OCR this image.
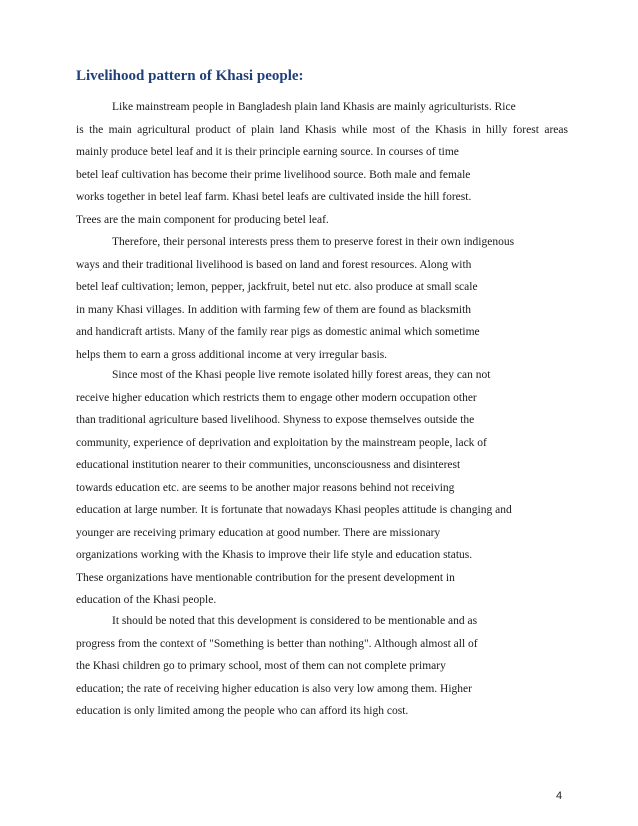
Livelihood pattern of Khasi people:
Like mainstream people in Bangladesh plain land Khasis are mainly agriculturists. Rice
is the main agricultural product of plain land Khasis while most of the Khasis in hilly forest areas
mainly produce betel leaf and it is their principle earning source. In courses of time
betel leaf cultivation has become their prime livelihood source. Both male and female
works together in betel leaf farm. Khasi betel leafs are cultivated inside the hill forest.
Trees are the main component for producing betel leaf.
Therefore, their personal interests press them to preserve forest in their own indigenous
ways and their traditional livelihood is based on land and forest resources. Along with
betel leaf cultivation; lemon, pepper, jackfruit, betel nut etc. also produce at small scale
in many Khasi villages. In addition with farming few of them are found as blacksmith
and handicraft artists. Many of the family rear pigs as domestic animal which sometime
helps them to earn a gross additional income at very irregular basis.
Since most of the Khasi people live remote isolated hilly forest areas, they can not
receive higher education which restricts them to engage other modern occupation other
than traditional agriculture based livelihood. Shyness to expose themselves outside the
community, experience of deprivation and exploitation by the mainstream people, lack of
educational institution nearer to their communities, unconsciousness and disinterest
towards education etc. are seems to be another major reasons behind not receiving
education at large number. It is fortunate that nowadays Khasi peoples attitude is changing and
younger are receiving primary education at good number. There are missionary
organizations working with the Khasis to improve their life style and education status.
These organizations have mentionable contribution for the present development in
education of the Khasi people.
It should be noted that this development is considered to be mentionable and as
progress from the context of "Something is better than nothing". Although almost all of
the Khasi children go to primary school, most of them can not complete primary
education; the rate of receiving higher education is also very low among them. Higher
education is only limited among the people who can afford its high cost.

4
